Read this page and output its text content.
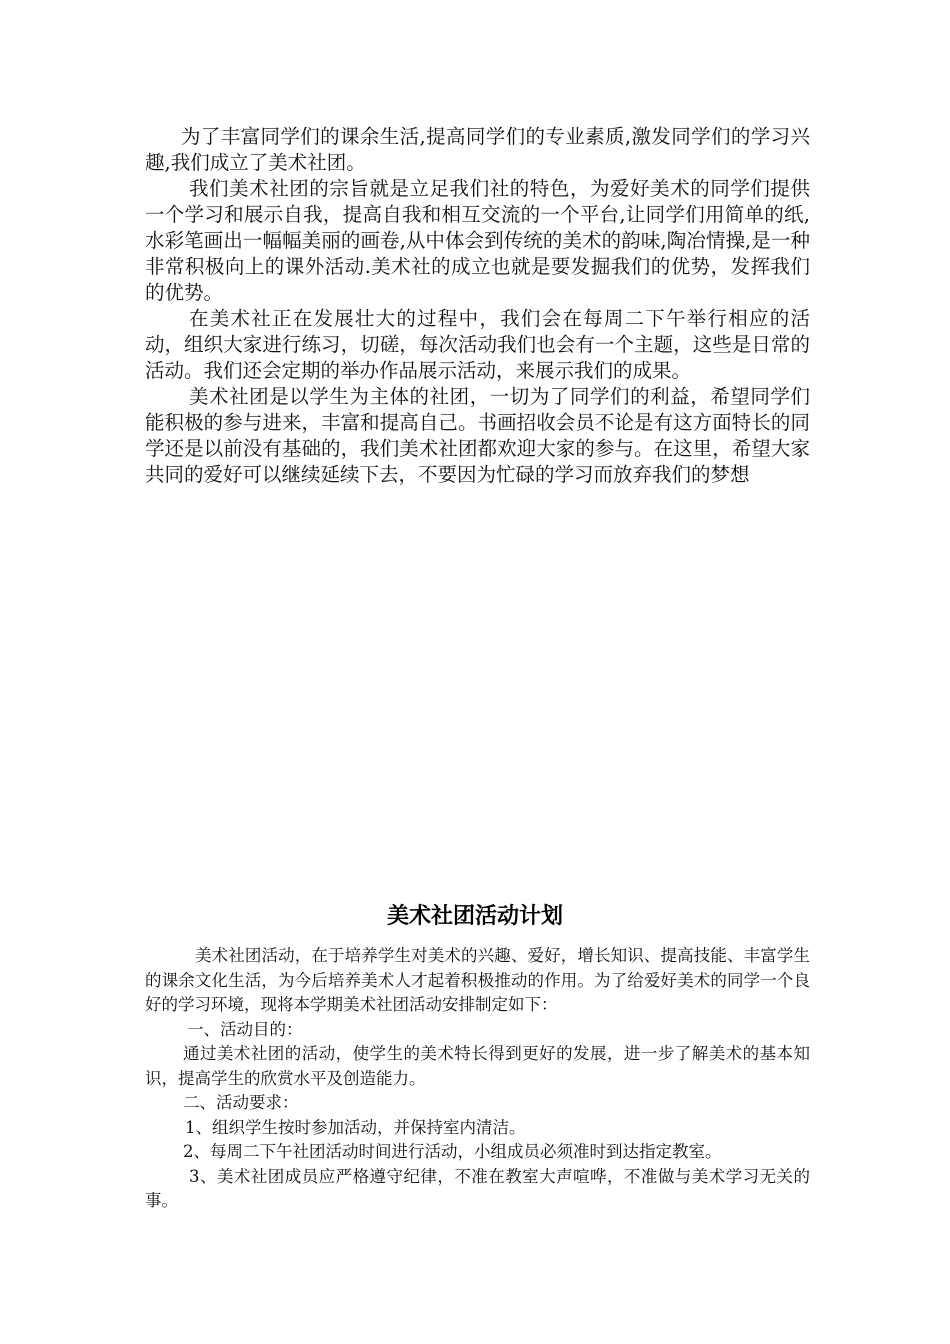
为了丰富同学们的课余生活,提高同学们的专业素质,激发同学们的学习兴趣,我们成立了美术社团。

我们美术社团的宗旨就是立足我们社的特色，为爱好美术的同学们提供一个学习和展示自我，提高自我和相互交流的一个平台,让同学们用简单的纸,水彩笔画出一幅幅美丽的画卷,从中体会到传统的美术的韵味,陶冶情操,是一种非常积极向上的课外活动.美术社的成立也就是要发掘我们的优势，发挥我们的优势。

在美术社正在发展壮大的过程中，我们会在每周二下午举行相应的活动，组织大家进行练习，切磋，每次活动我们也会有一个主题，这些是日常的活动。我们还会定期的举办作品展示活动，来展示我们的成果。

美术社团是以学生为主体的社团，一切为了同学们的利益，希望同学们能积极的参与进来，丰富和提高自己。书画招收会员不论是有这方面特长的同学还是以前没有基础的，我们美术社团都欢迎大家的参与。在这里，希望大家共同的爱好可以继续延续下去，不要因为忙碌的学习而放弃我们的梦想

美术社团活动计划

美术社团活动，在于培养学生对美术的兴趣、爱好，增长知识、提高技能、丰富学生的课余文化生活，为今后培养美术人才起着积极推动的作用。为了给爱好美术的同学一个良好的学习环境，现将本学期美术社团活动安排制定如下：

一、活动目的：

通过美术社团的活动，使学生的美术特长得到更好的发展，进一步了解美术的基本知识，提高学生的欣赏水平及创造能力。

二、活动要求：

1、组织学生按时参加活动，并保持室内清洁。

2、每周二下午社团活动时间进行活动，小组成员必须准时到达指定教室。

3、美术社团成员应严格遵守纪律，不准在教室大声喧哗，不准做与美术学习无关的事。
